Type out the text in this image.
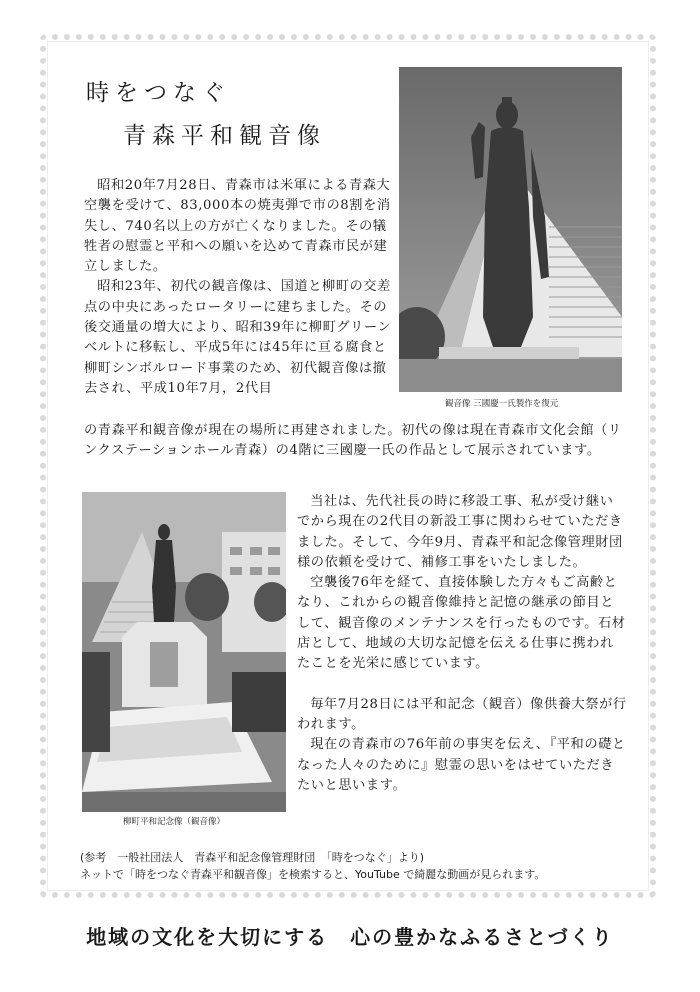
時をつなぐ
青森平和観音像
観音像 三國慶一氏製作を復元

昭和20年7月28日、青森市は米軍による青森大空襲を受けて、83,000本の焼夷弾で市の8割を消失し、740名以上の方が亡くなりました。その犠牲者の慰霊と平和への願いを込めて青森市民が建立しました。

昭和23年、初代の観音像は、国道と柳町の交差点の中央にあったロータリーに建ちました。その後交通量の増大により、昭和39年に柳町グリーンベルトに移転し、平成5年には45年に亘る腐食と柳町シンボルロード事業のため、初代観音像は撤去され、平成10年7月，2代目

の青森平和観音像が現在の場所に再建されました。初代の像は現在青森市文化会館（リンクステーションホール青森）の4階に三國慶一氏の作品として展示されています。

柳町平和記念像（観音像）

当社は、先代社長の時に移設工事、私が受け継いでから現在の2代目の新設工事に関わらせていただきました。そして、今年9月、青森平和記念像管理財団様の依頼を受けて、補修工事をいたしました。

空襲後76年を経て、直接体験した方々もご高齢となり、これからの観音像維持と記憶の継承の節目として、観音像のメンテナンスを行ったものです。石材店として、地域の大切な記憶を伝える仕事に携われたことを光栄に感じています。

毎年7月28日には平和記念（観音）像供養大祭が行われます。

現在の青森市の76年前の事実を伝え、『平和の礎となった人々のために』慰霊の思いをはせていただきたいと思います。

(参考　一般社団法人　青森平和記念像管理財団　「時をつなぐ」より)
ネットで「時をつなぐ青森平和観音像」を検索すると、YouTube で綺麗な動画が見られます。
地域の文化を大切にする　心の豊かなふるさとづくり
